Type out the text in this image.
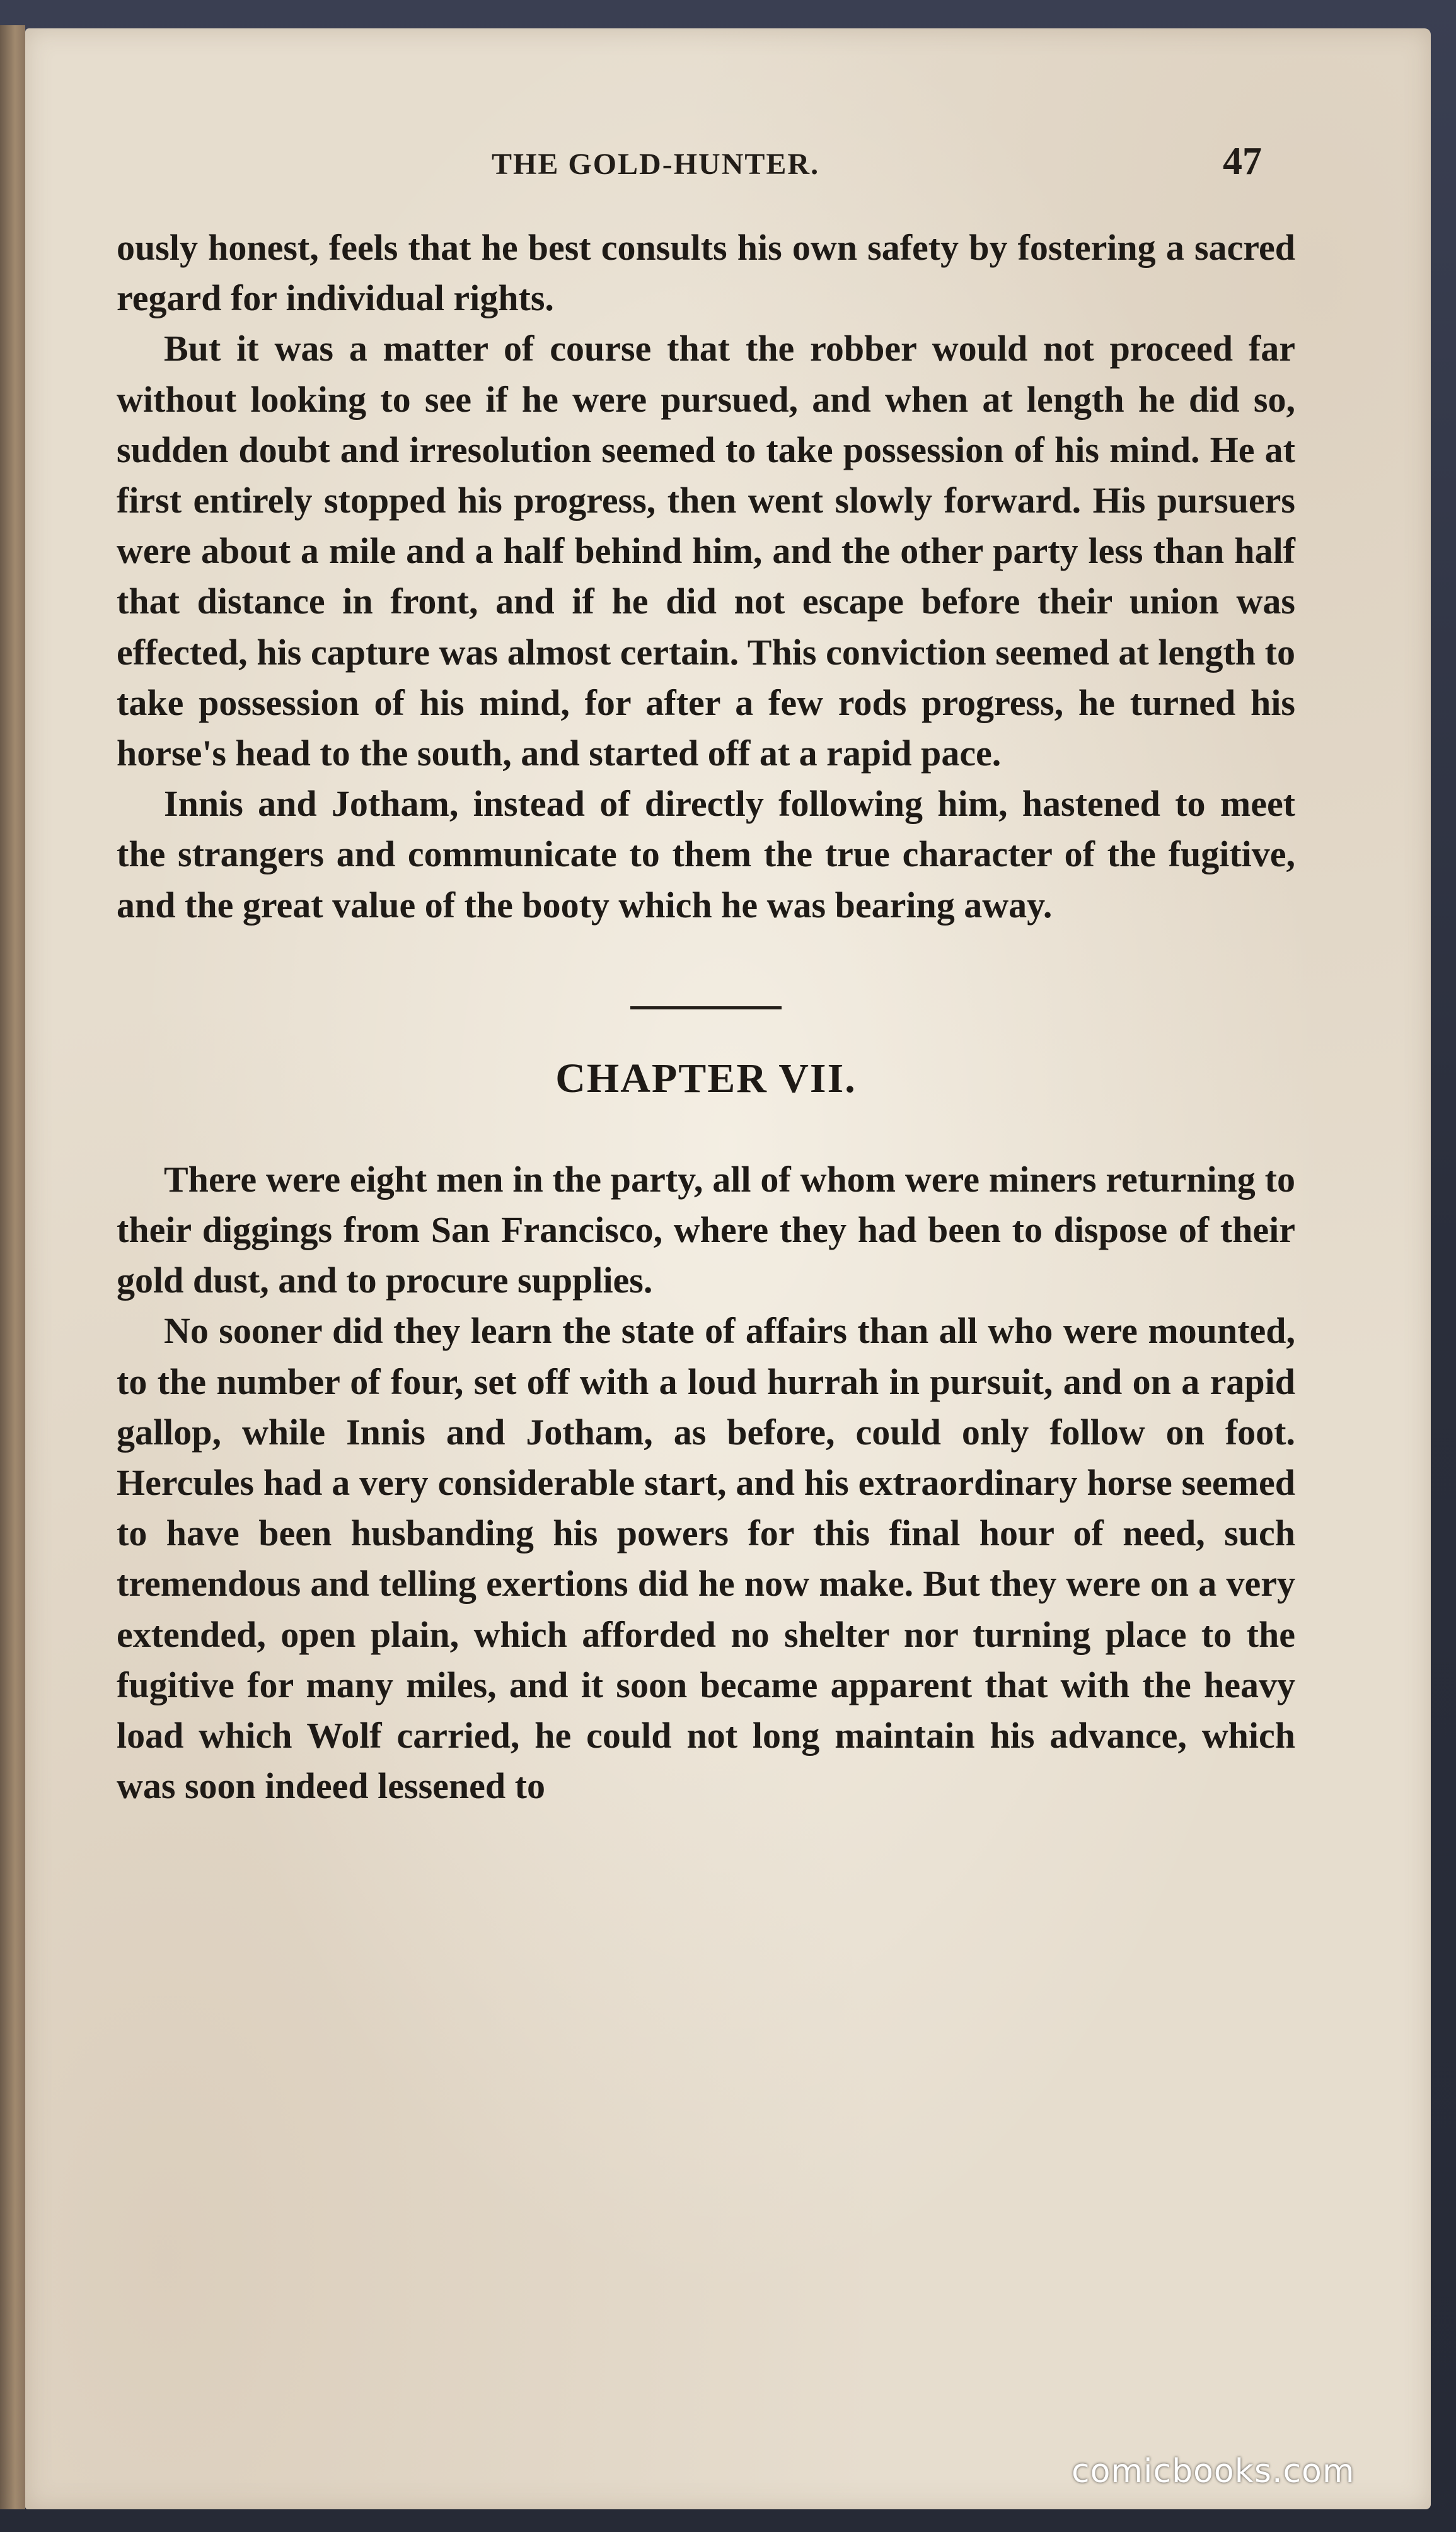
THE GOLD-HUNTER.	47

ously honest, feels that he best consults his own safety by fostering a sacred regard for individual rights.

But it was a matter of course that the robber would not proceed far without looking to see if he were pursued, and when at length he did so, sudden doubt and irresolution seemed to take possession of his mind. He at first entirely stopped his progress, then went slowly forward. His pursuers were about a mile and a half behind him, and the other party less than half that distance in front, and if he did not escape before their union was effected, his capture was almost certain. This conviction seemed at length to take possession of his mind, for after a few rods progress, he turned his horse's head to the south, and started off at a rapid pace.

Innis and Jotham, instead of directly following him, hastened to meet the strangers and communicate to them the true character of the fugitive, and the great value of the booty which he was bearing away.

CHAPTER VII.

There were eight men in the party, all of whom were miners returning to their diggings from San Francisco, where they had been to dispose of their gold dust, and to procure supplies.

No sooner did they learn the state of affairs than all who were mounted, to the number of four, set off with a loud hurrah in pursuit, and on a rapid gallop, while Innis and Jotham, as before, could only follow on foot. Hercules had a very considerable start, and his extraordinary horse seemed to have been husbanding his powers for this final hour of need, such tremendous and telling exertions did he now make. But they were on a very extended, open plain, which afforded no shelter nor turning place to the fugitive for many miles, and it soon became apparent that with the heavy load which Wolf carried, he could not long maintain his advance, which was soon indeed lessened to

comicbooks.com
